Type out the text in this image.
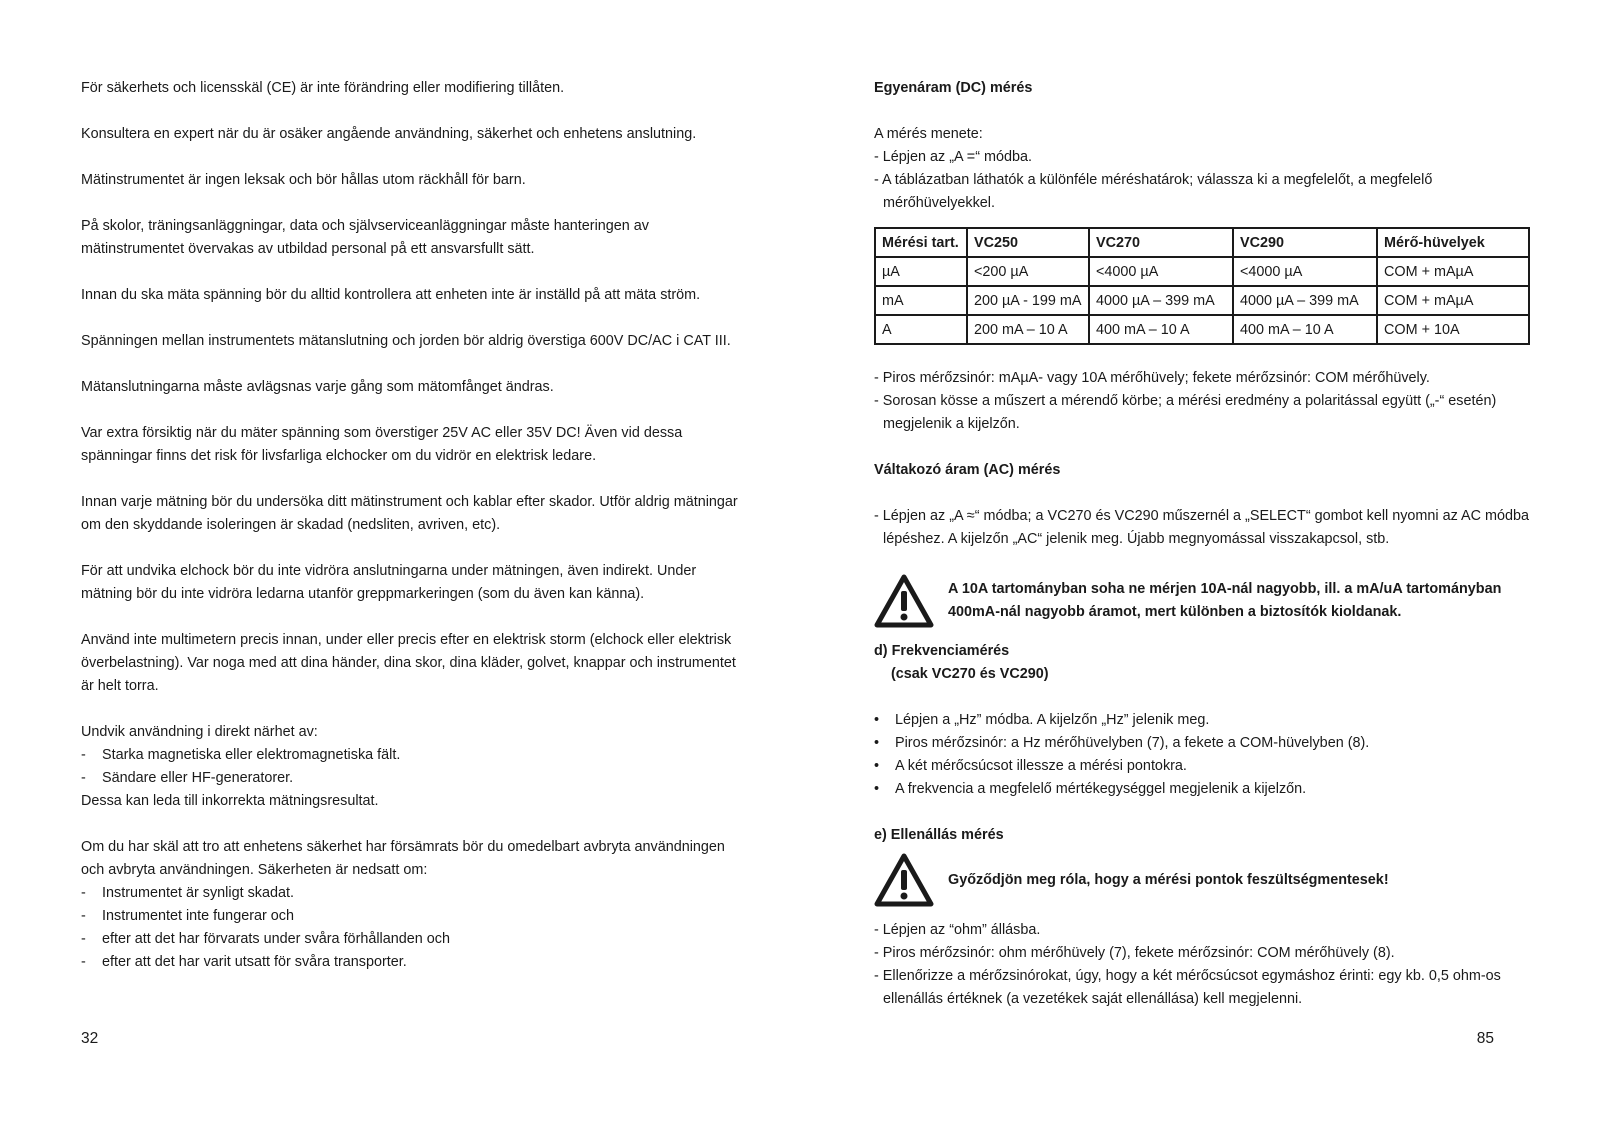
För säkerhets och licensskäl (CE) är inte förändring eller modifiering tillåten.

Konsultera en expert när du är osäker angående användning, säkerhet och enhetens anslutning.

Mätinstrumentet är ingen leksak och bör hållas utom räckhåll för barn.

På skolor, träningsanläggningar, data och självserviceanläggningar måste hanteringen av mätinstrumentet övervakas av utbildad personal på ett ansvarsfullt sätt.

Innan du ska mäta spänning bör du alltid kontrollera att enheten inte är inställd på att mäta ström.

Spänningen mellan instrumentets mätanslutning och jorden bör aldrig överstiga 600V DC/AC i CAT III.

Mätanslutningarna måste avlägsnas varje gång som mätomfånget ändras.

Var extra försiktig när du mäter spänning som överstiger 25V AC eller 35V DC! Även vid dessa spänningar finns det risk för livsfarliga elchocker om du vidrör en elektrisk ledare.

Innan varje mätning bör du undersöka ditt mätinstrument och kablar efter skador. Utför aldrig mätningar om den skyddande isoleringen är skadad (nedsliten, avriven, etc).

För att undvika elchock bör du inte vidröra anslutningarna under mätningen, även indirekt. Under mätning bör du inte vidröra ledarna utanför greppmarkeringen (som du även kan känna).

Använd inte multimetern precis innan, under eller precis efter en elektrisk storm (elchock eller elektrisk överbelastning). Var noga med att dina händer, dina skor, dina kläder, golvet, knappar och instrumentet är helt torra.

Undvik användning i direkt närhet av:

- Starka magnetiska eller elektromagnetiska fält.
- Sändare eller HF-generatorer.

Dessa kan leda till inkorrekta mätningsresultat.

Om du har skäl att tro att enhetens säkerhet har försämrats bör du omedelbart avbryta användningen och avbryta användningen. Säkerheten är nedsatt om:

- Instrumentet är synligt skadat.
- Instrumentet inte fungerar och
- efter att det har förvarats under svåra förhållanden och
- efter att det har varit utsatt för svåra transporter.
32

Egyenáram (DC) mérés

A mérés menete:

- Lépjen az „A =“ módba.

- A táblázatban láthatók a különféle méréshatárok; válassza ki a megfelelőt, a megfelelő mérőhüvelyekkel.

Mérési tart.	VC250	VC270	VC290	Mérő-hüvelyek
µA	<200 µA	<4000 µA	<4000 µA	COM + mAµA
mA	200 µA - 199 mA	4000 µA – 399 mA	4000 µA – 399 mA	COM + mAµA
A	200 mA – 10 A	400 mA – 10 A	400 mA – 10 A	COM + 10A

- Piros mérőzsinór: mAµA- vagy 10A mérőhüvely; fekete mérőzsinór: COM mérőhüvely.

- Sorosan kösse a műszert a mérendő körbe; a mérési eredmény a polaritással együtt („-“ esetén) megjelenik a kijelzőn.

Váltakozó áram (AC) mérés

- Lépjen az „A ≈“ módba; a VC270 és VC290 műszernél a „SELECT“ gombot kell nyomni az AC módba lépéshez. A kijelzőn „AC“ jelenik meg. Újabb megnyomással visszakapcsol, stb.

A 10A tartományban soha ne mérjen 10A-nál nagyobb, ill. a mA/uA tartományban 400mA-nál nagyobb áramot, mert különben a biztosítók kioldanak.

d) Frekvenciamérés

(csak VC270 és VC290)

• Lépjen a „Hz” módba. A kijelzőn „Hz” jelenik meg.
• Piros mérőzsinór: a Hz mérőhüvelyben (7), a fekete a COM-hüvelyben (8).
• A két mérőcsúcsot illessze a mérési pontokra.
• A frekvencia a megfelelő mértékegységgel megjelenik a kijelzőn.

e) Ellenállás mérés

Győződjön meg róla, hogy a mérési pontok feszültségmentesek!

- Lépjen az “ohm” állásba.

- Piros mérőzsinór: ohm mérőhüvely (7), fekete mérőzsinór: COM mérőhüvely (8).

- Ellenőrizze a mérőzsinórokat, úgy, hogy a két mérőcsúcsot egymáshoz érinti: egy kb. 0,5 ohm-os ellenállás értéknek (a vezetékek saját ellenállása) kell megjelenni.

85
